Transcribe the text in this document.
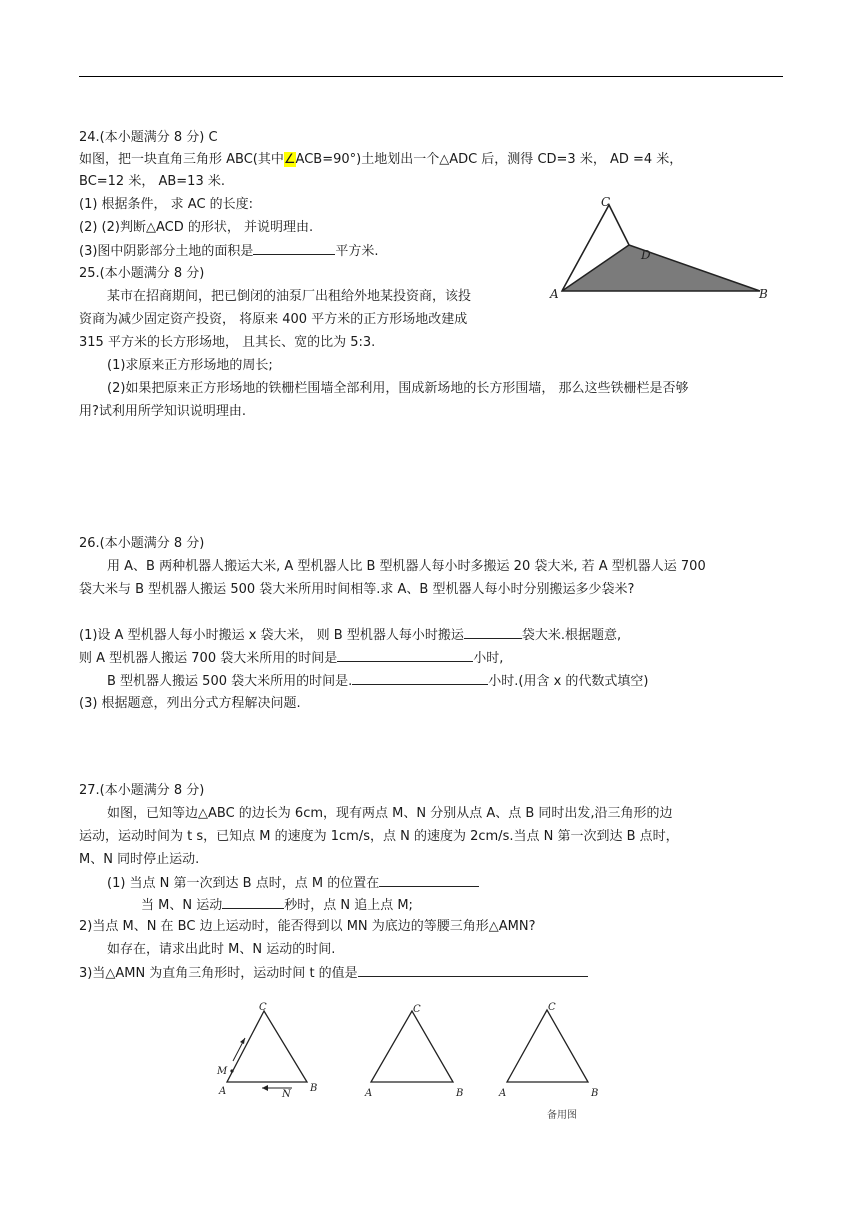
24.(本小题满分 8 分) C
如图，把一块直角三角形 ABC(其中∠ACB=90°)土地划出一个△ADC 后，测得 CD=3 米， AD =4 米，
BC=12 米， AB=13 米.
(1) 根据条件， 求 AC 的长度:
(2) (2)判断△ACD 的形状， 并说明理由.
(3)图中阴影部分土地的面积是	平方米.
C
D
A	B
25.(本小题满分 8 分)
某市在招商期间，把已倒闭的油泵厂出租给外地某投资商，该投
资商为减少固定资产投资， 将原来 400 平方米的正方形场地改建成
315 平方米的长方形场地， 且其长、宽的比为 5:3.
(1)求原来正方形场地的周长;
(2)如果把原来正方形场地的铁栅栏围墙全部利用，围成新场地的长方形围墙， 那么这些铁栅栏是否够
用?试利用所学知识说明理由.
26.(本小题满分 8 分)
用 A、B 两种机器人搬运大米, A 型机器人比 B 型机器人每小时多搬运 20 袋大米, 若 A 型机器人运 700
袋大米与 B 型机器人搬运 500 袋大米所用时间相等.求 A、B 型机器人每小时分别搬运多少袋米?
(1)设 A 型机器人每小时搬运 x 袋大米， 则 B 型机器人每小时搬运	袋大米.根据题意,
则 A 型机器人搬运 700 袋大米所用的时间是	小时,
B 型机器人搬运 500 袋大米所用的时间是.	小时.(用含 x 的代数式填空)
(3) 根据题意，列出分式方程解决问题.
27.(本小题满分 8 分)
如图，已知等边△ABC 的边长为 6cm，现有两点 M、N 分别从点 A、点 B 同时出发,沿三角形的边
运动，运动时间为 t s，已知点 M 的速度为 1cm/s，点 N 的速度为 2cm/s.当点 N 第一次到达 B 点时，
M、N 同时停止运动.
(1) 当点 N 第一次到达 B 点时，点 M 的位置在
当 M、N 运动	秒时，点 N 追上点 M;
2)当点 M、N 在 BC 边上运动时，能否得到以 MN 为底边的等腰三角形△AMN?
如存在，请求出此时 M、N 运动的时间.
3)当△AMN 为直角三角形时，运动时间 t 的值是
C
M
A	N
B
C
A	B
C
A	B
备用图
